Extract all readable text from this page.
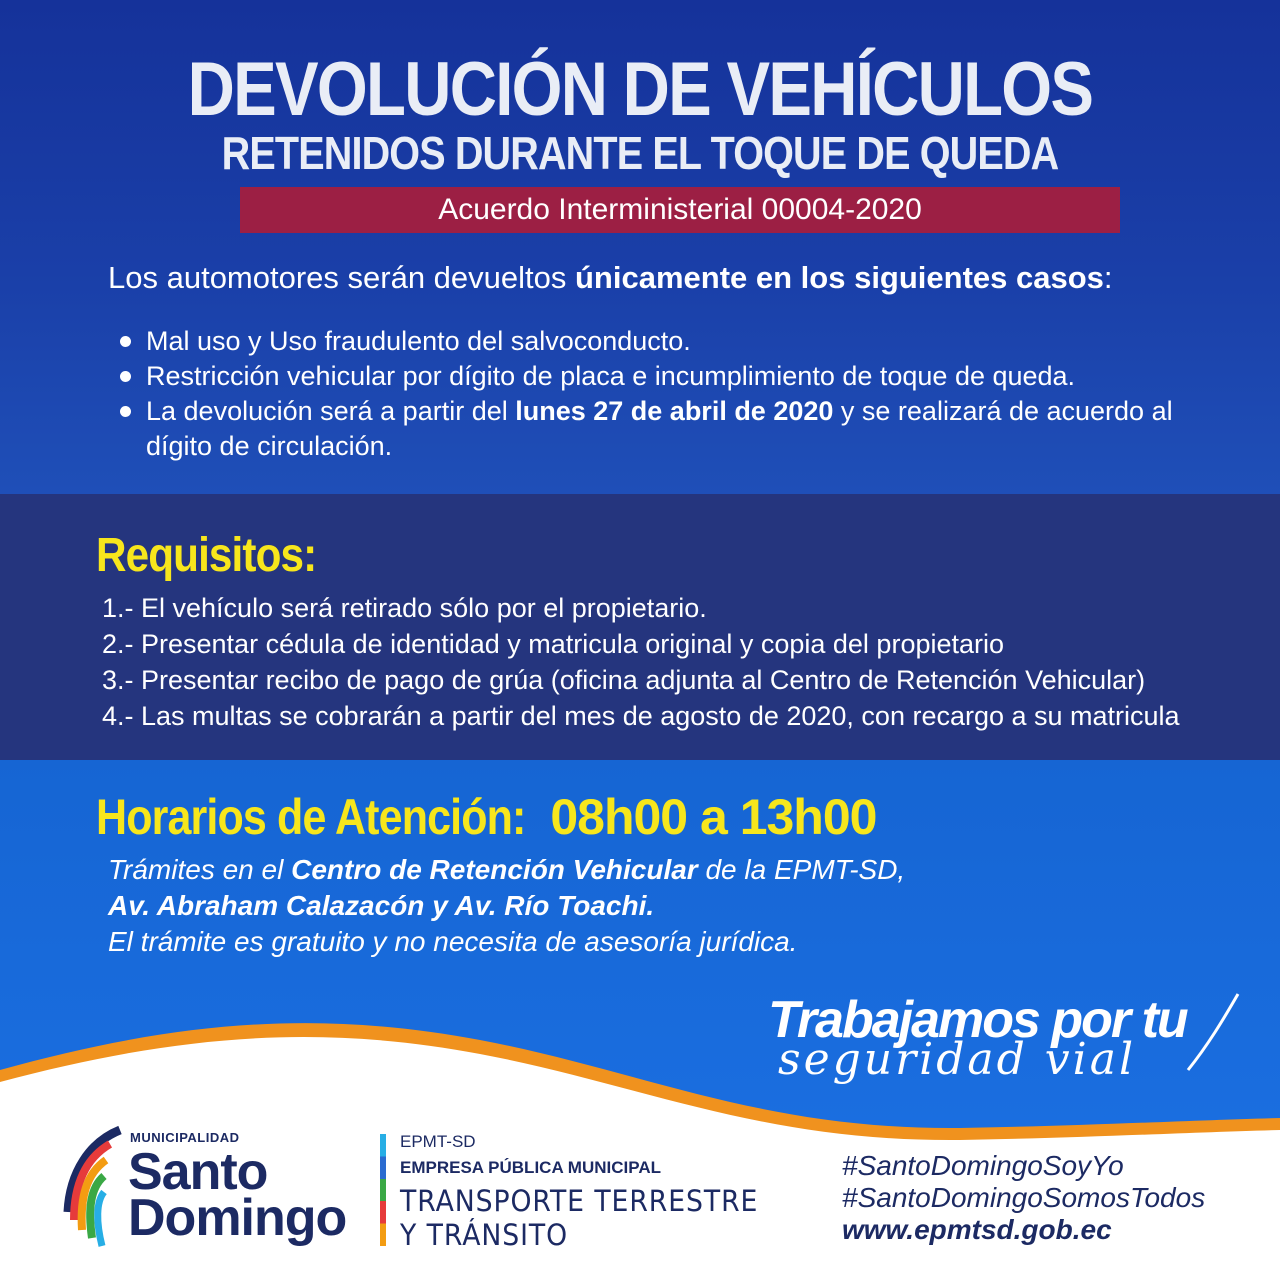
DEVOLUCIÓN DE VEHÍCULOS
RETENIDOS DURANTE EL TOQUE DE QUEDA
Acuerdo Interministerial 00004-2020
Los automotores serán devueltos únicamente en los siguientes casos:
Mal uso y Uso fraudulento del salvoconducto.
Restricción vehicular por dígito de placa e incumplimiento de toque de queda.
La devolución será a partir del lunes 27 de abril de 2020 y se realizará de acuerdo al dígito de circulación.
Requisitos:
1.- El vehículo será retirado sólo por el propietario.
2.- Presentar cédula de identidad y matricula original y copia del propietario
3.- Presentar recibo de pago de grúa (oficina adjunta al Centro de Retención Vehicular)
4.- Las multas se cobrarán a partir del mes de agosto de 2020, con recargo a su matricula
Horarios de Atención: 08h00 a 13h00
Trámites en el Centro de Retención Vehicular de la EPMT-SD,
Av. Abraham Calazacón y Av. Río Toachi.
El trámite es gratuito y no necesita de asesoría jurídica.
Trabajamos por tu
seguridad vial
MUNICIPALIDAD
Santo
Domingo
EPMT-SD
EMPRESA PÚBLICA MUNICIPAL
TRANSPORTE TERRESTRE
Y TRÁNSITO
#SantoDomingoSoyYo
#SantoDomingoSomosTodos
www.epmtsd.gob.ec
